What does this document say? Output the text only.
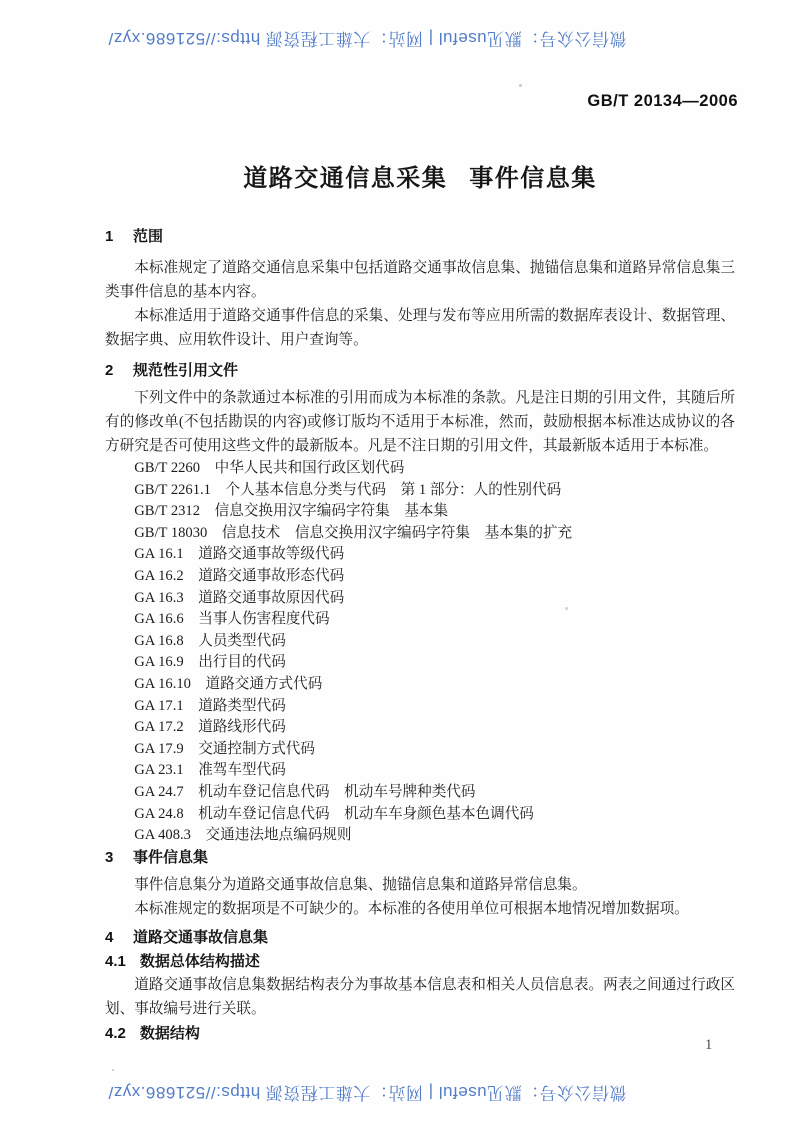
微信公众号：默见useful | 网站：大雄工程资源 https://521686.xyz/
GB/T 20134—2006
道路交通信息采集 事件信息集
1 范围

本标准规定了道路交通信息采集中包括道路交通事故信息集、抛锚信息集和道路异常信息集三类事件信息的基本内容。

本标准适用于道路交通事件信息的采集、处理与发布等应用所需的数据库表设计、数据管理、数据字典、应用软件设计、用户查询等。

2 规范性引用文件

下列文件中的条款通过本标准的引用而成为本标准的条款。凡是注日期的引用文件，其随后所有的修改单(不包括勘误的内容)或修订版均不适用于本标准，然而，鼓励根据本标准达成协议的各方研究是否可使用这些文件的最新版本。凡是不注日期的引用文件，其最新版本适用于本标准。

GB/T 2260　中华人民共和国行政区划代码
GB/T 2261.1　个人基本信息分类与代码　第 1 部分：人的性别代码
GB/T 2312　信息交换用汉字编码字符集　基本集
GB/T 18030　信息技术　信息交换用汉字编码字符集　基本集的扩充
GA 16.1　道路交通事故等级代码
GA 16.2　道路交通事故形态代码
GA 16.3　道路交通事故原因代码
GA 16.6　当事人伤害程度代码
GA 16.8　人员类型代码
GA 16.9　出行目的代码
GA 16.10　道路交通方式代码
GA 17.1　道路类型代码
GA 17.2　道路线形代码
GA 17.9　交通控制方式代码
GA 23.1　准驾车型代码
GA 24.7　机动车登记信息代码　机动车号牌种类代码
GA 24.8　机动车登记信息代码　机动车车身颜色基本色调代码
GA 408.3　交通违法地点编码规则
3 事件信息集

事件信息集分为道路交通事故信息集、抛锚信息集和道路异常信息集。

本标准规定的数据项是不可缺少的。本标准的各使用单位可根据本地情况增加数据项。

4 道路交通事故信息集
4.1 数据总体结构描述

道路交通事故信息集数据结构表分为事故基本信息表和相关人员信息表。两表之间通过行政区划、事故编号进行关联。

4.2 数据结构
1
微信公众号：默见useful | 网站：大雄工程资源 https://521686.xyz/
